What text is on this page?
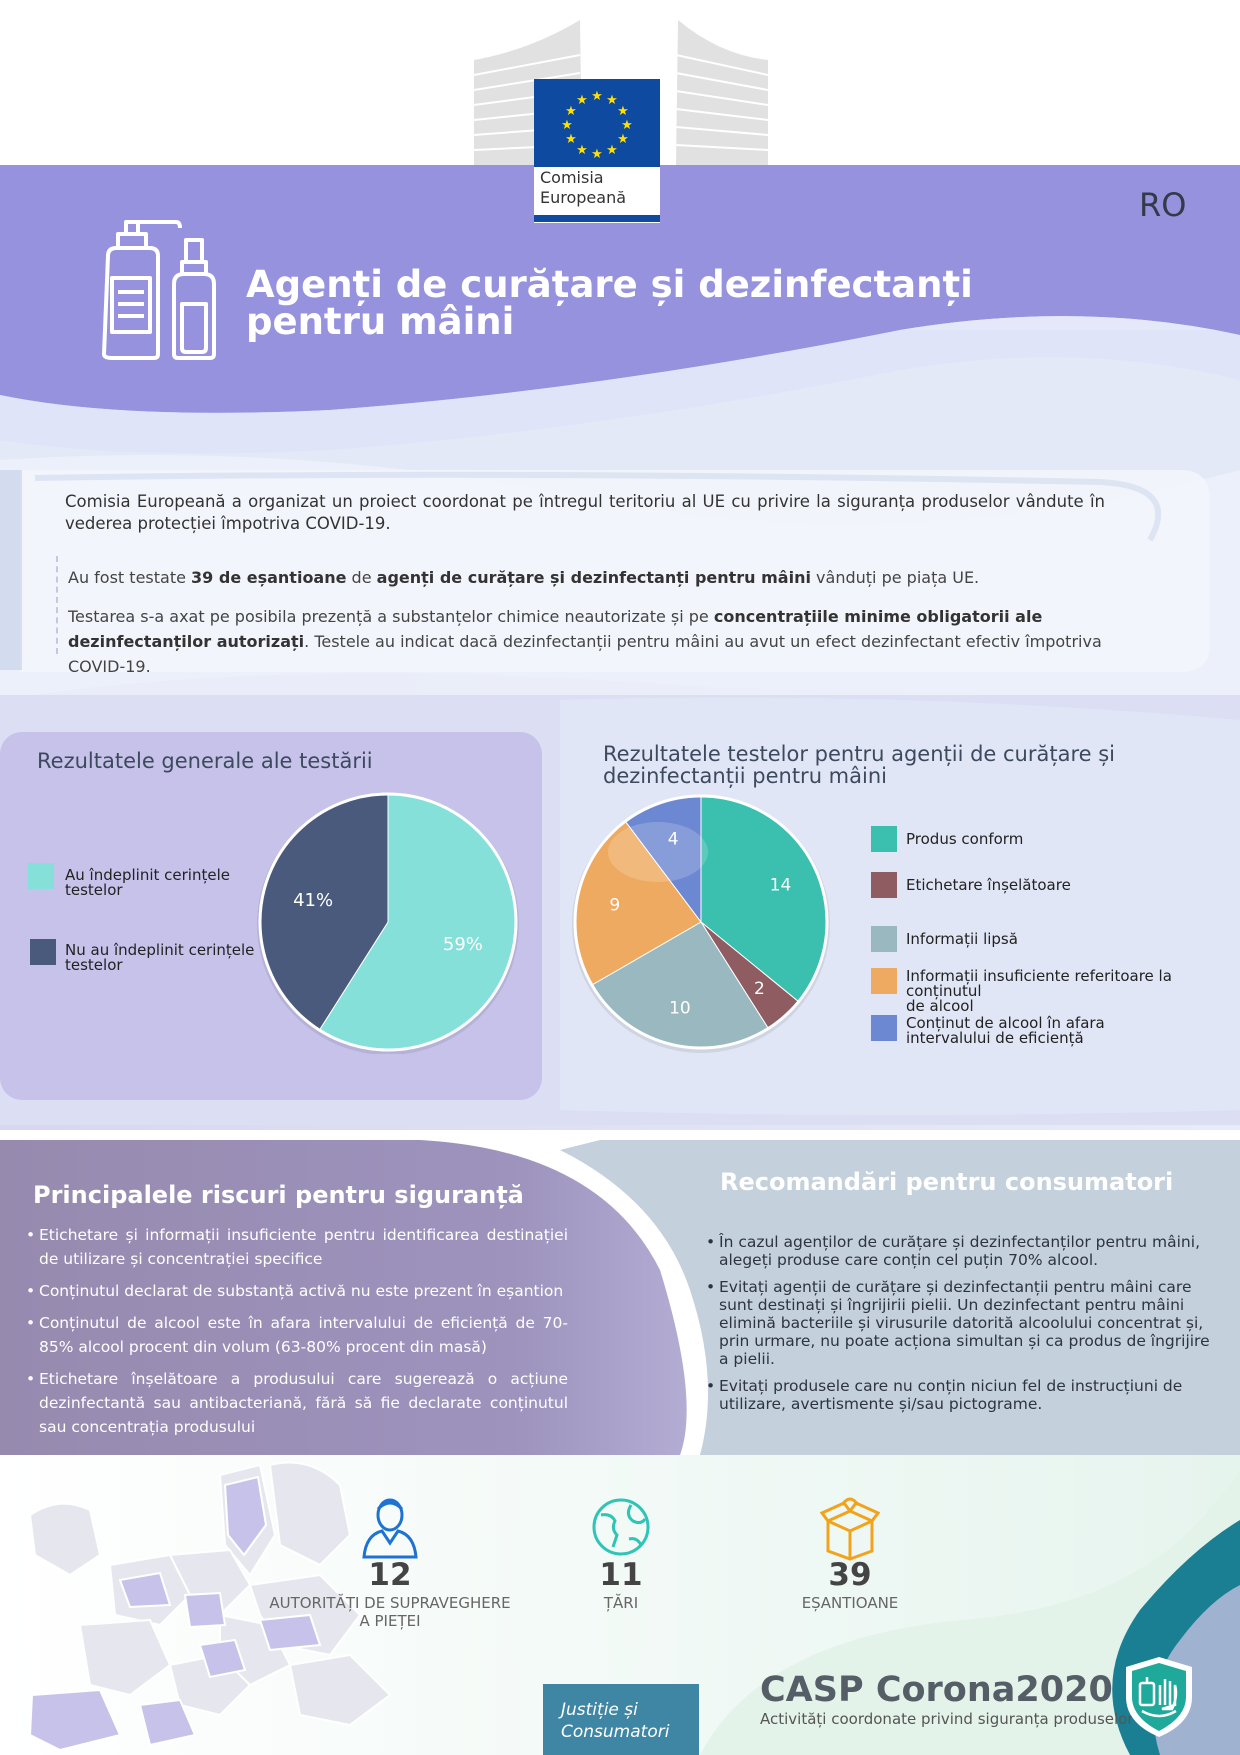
★ ★
★
★
★
★
★
★
★
★
★
★
Comisia
Europeană	RO
Agenți de curățare și dezinfectanți pentru mâini
Comisia Europeană a organizat un proiect coordonat pe întregul teritoriu al UE cu privire la siguranța produselor vândute în vederea protecției împotriva COVID-19.
Au fost testate 39 de eșantioane de agenți de curățare și dezinfectanți pentru mâini vânduți pe piața UE.
Testarea s-a axat pe posibila prezență a substanțelor chimice neautorizate și pe concentrațiile minime obligatorii ale dezinfectanților autorizați. Testele au indicat dacă dezinfectanții pentru mâini au avut un efect dezinfectant efectiv împotriva COVID-19.
Rezultatele generale ale testării
Au îndeplinit cerințele
testelor
Nu au îndeplinit cerințele
testelor
59%
41%
Rezultatele testelor pentru agenții de curățare și dezinfectanții pentru mâini
14
2
10
9
4	Produs conform
Etichetare înșelătoare
Informații lipsă
Informații insuficiente referitoare la conținutul
de alcool
Conținut de alcool în afara
intervalului de eficiență
Principalele riscuri pentru siguranță
• Etichetare și informații insuficiente pentru identificarea destinației de utilizare și concentrației specifice
• Conținutul declarat de substanță activă nu este prezent în eșantion
• Conținutul de alcool este în afara intervalului de eficiență de 70-85% alcool procent din volum (63-80% procent din masă)
• Etichetare înșelătoare a produsului care sugerează o acțiune dezinfectantă sau antibacteriană, fără să fie declarate conținutul sau concentrația produsului
Recomandări pentru consumatori
• În cazul agenților de curățare și dezinfectanților pentru mâini, alegeți produse care conțin cel puțin 70% alcool.
• Evitați agenții de curățare și dezinfectanții pentru mâini care sunt destinați și îngrijirii pielii. Un dezinfectant pentru mâini elimină bacteriile și virusurile datorită alcoolului concentrat și, prin urmare, nu poate acționa simultan și ca produs de îngrijire a pielii.
• Evitați produsele care nu conțin niciun fel de instrucțiuni de utilizare, avertismente și/sau pictograme.
12
AUTORITĂȚI DE SUPRAVEGHERE
A PIEȚEI
11
ȚĂRI
39
EȘANTIOANE
Justiție și
Consumatori
CASP Corona2020
Activități coordonate privind siguranța produselor
